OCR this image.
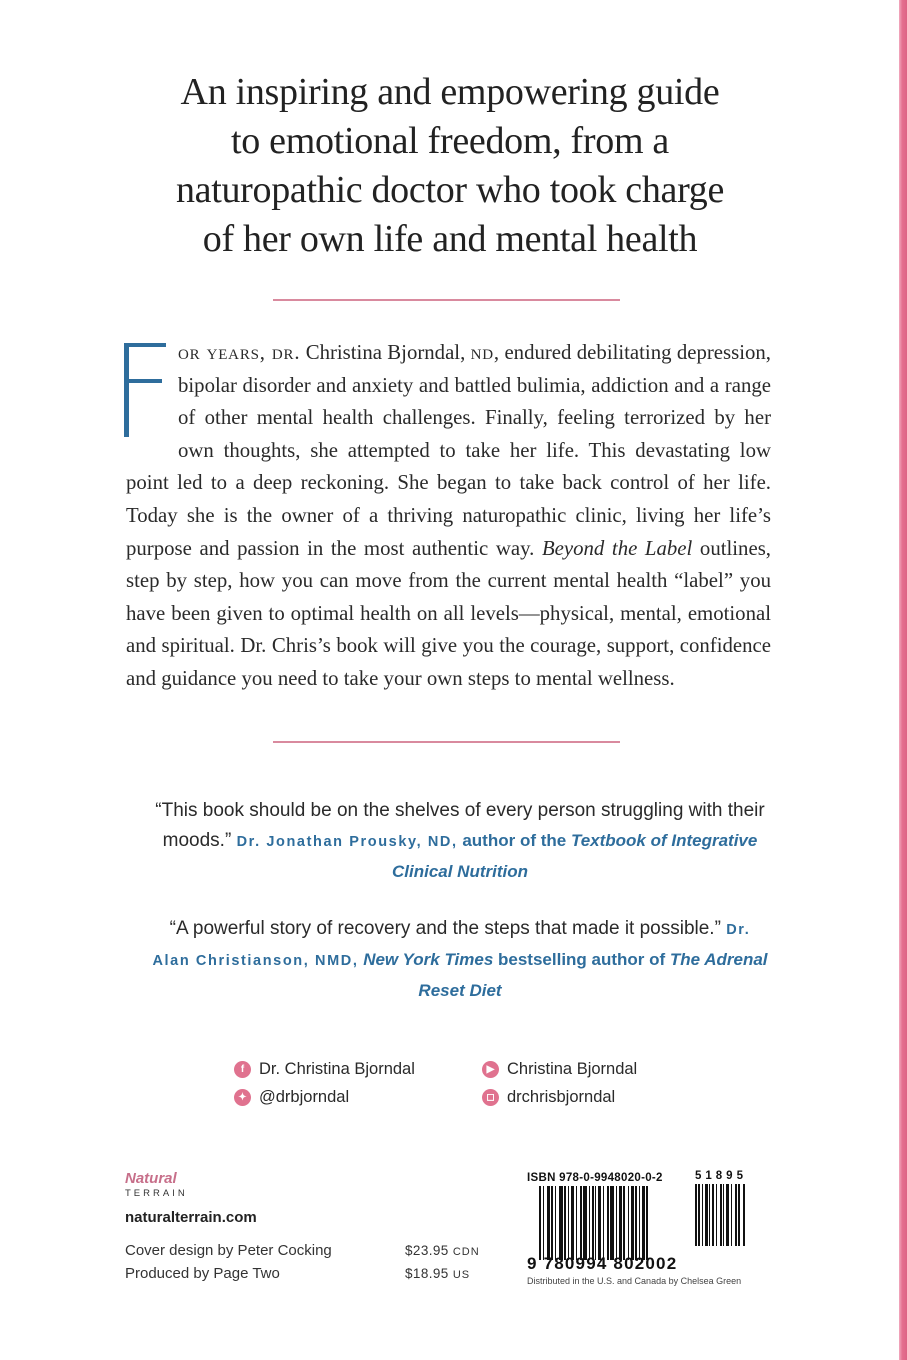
An inspiring and empowering guide
to emotional freedom, from a
naturopathic doctor who took charge
of her own life and mental health
or years, dr. Christina Bjorndal, nd, endured debilitating depression, bipolar disorder and anxiety and battled bulimia, addiction and a range of other mental health challenges. Finally, feeling terrorized by her own thoughts, she attempted to take her life. This devastating low point led to a deep reckoning. She began to take back control of her life. Today she is the owner of a thriving naturopathic clinic, living her life’s purpose and passion in the most authentic way. Beyond the Label outlines, step by step, how you can move from the current mental health “label” you have been given to optimal health on all levels—physical, mental, emotional and spiritual. Dr. Chris’s book will give you the courage, support, confidence and guidance you need to take your own steps to mental wellness.
“This book should be on the shelves of every person struggling with their moods.” Dr. Jonathan Prousky, ND, author of the Textbook of Integrative Clinical Nutrition
“A powerful story of recovery and the steps that made it possible.” Dr. Alan Christianson, NMD, New York Times bestselling author of The Adrenal Reset Diet
f Dr. Christina Bjorndal
✦ @drbjorndal
▶ Christina Bjorndal
◻ drchrisbjorndal
Natural
TERRAIN
naturalterrain.com
Cover design by Peter Cocking	$23.95 CDN
Produced by Page Two	$18.95 US
ISBN 978-0-9948020-0-2
9 780994 802002
51895
Distributed in the U.S. and Canada by Chelsea Green
